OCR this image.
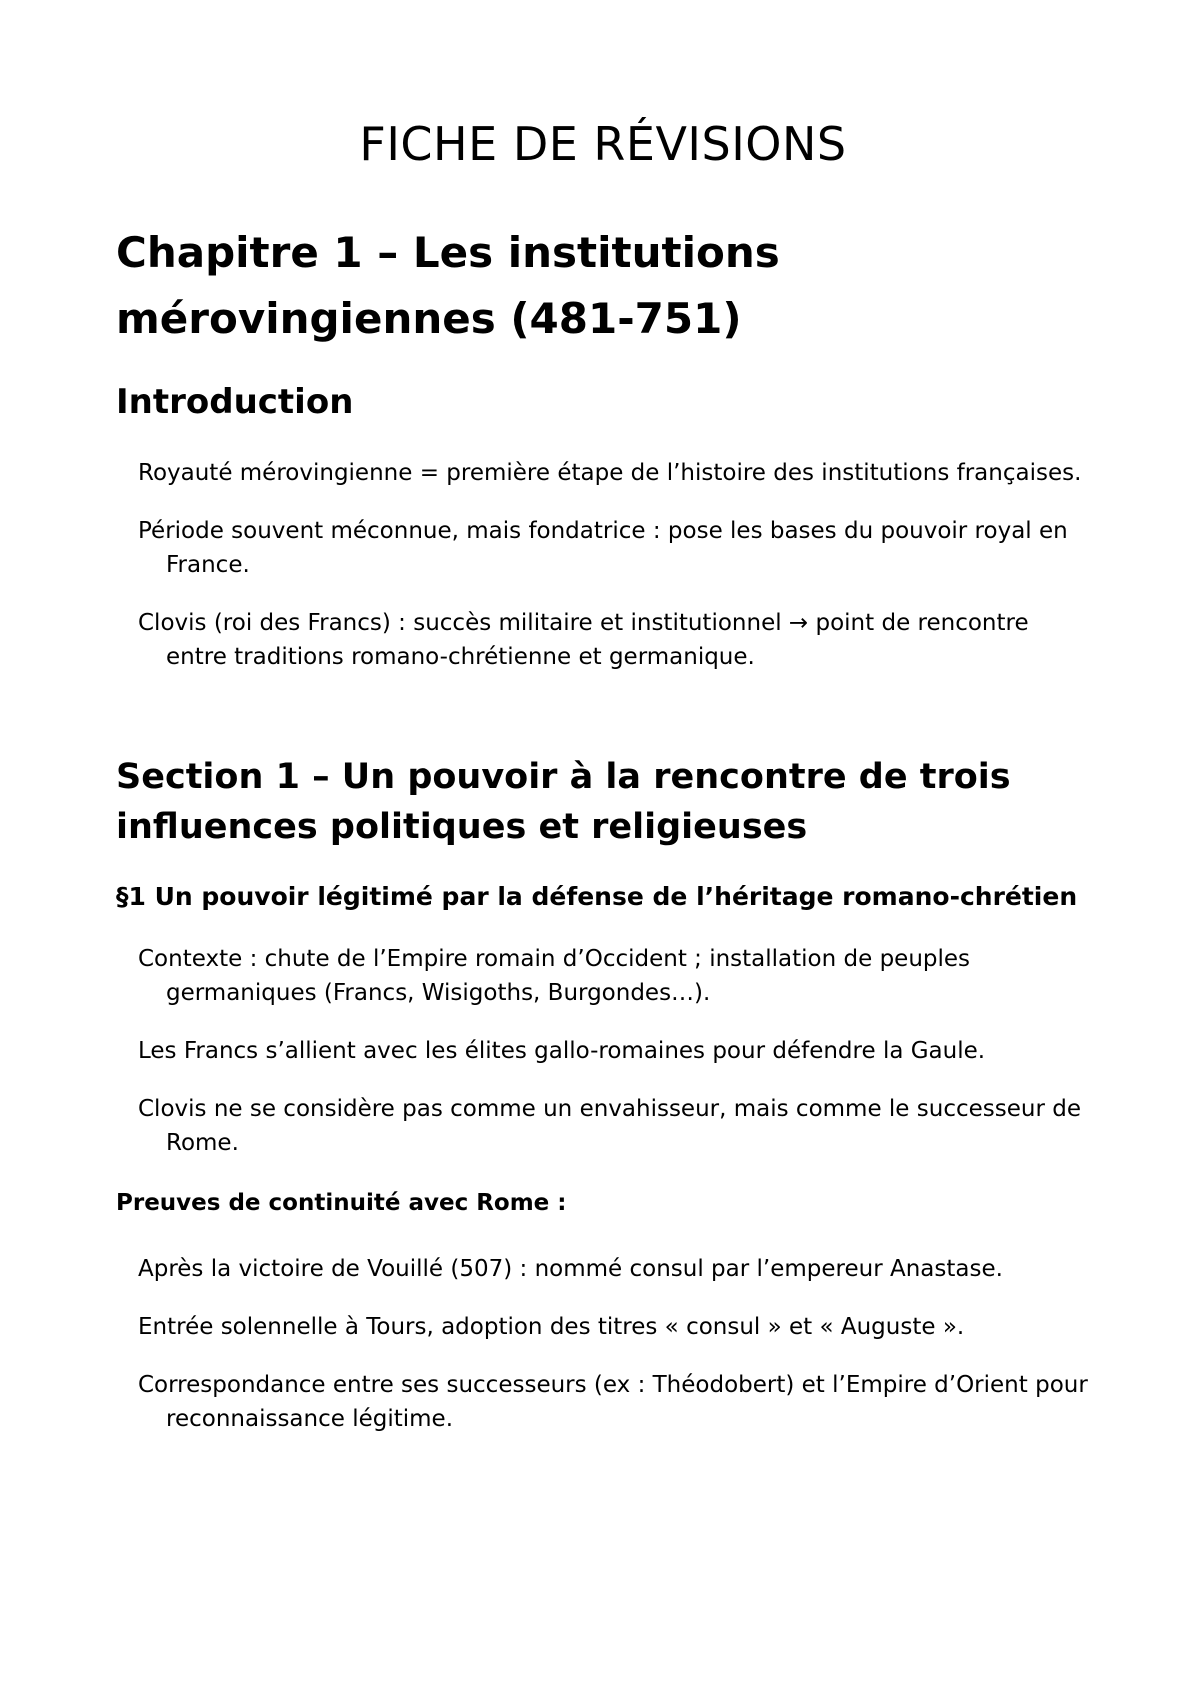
FICHE DE RÉVISIONS
Chapitre 1 – Les institutions mérovingiennes (481-751)
Introduction

Royauté mérovingienne = première étape de l’histoire des institutions françaises.

Période souvent méconnue, mais fondatrice : pose les bases du pouvoir royal en France.

Clovis (roi des Francs) : succès militaire et institutionnel → point de rencontre entre traditions romano-chrétienne et germanique.

Section 1 – Un pouvoir à la rencontre de trois influences politiques et religieuses
§1 Un pouvoir légitimé par la défense de l’héritage romano-chrétien

Contexte : chute de l’Empire romain d’Occident ; installation de peuples germaniques (Francs, Wisigoths, Burgondes…).

Les Francs s’allient avec les élites gallo-romaines pour défendre la Gaule.

Clovis ne se considère pas comme un envahisseur, mais comme le successeur de Rome.

Preuves de continuité avec Rome :

Après la victoire de Vouillé (507) : nommé consul par l’empereur Anastase.

Entrée solennelle à Tours, adoption des titres « consul » et « Auguste ».

Correspondance entre ses successeurs (ex : Théodobert) et l’Empire d’Orient pour reconnaissance légitime.
